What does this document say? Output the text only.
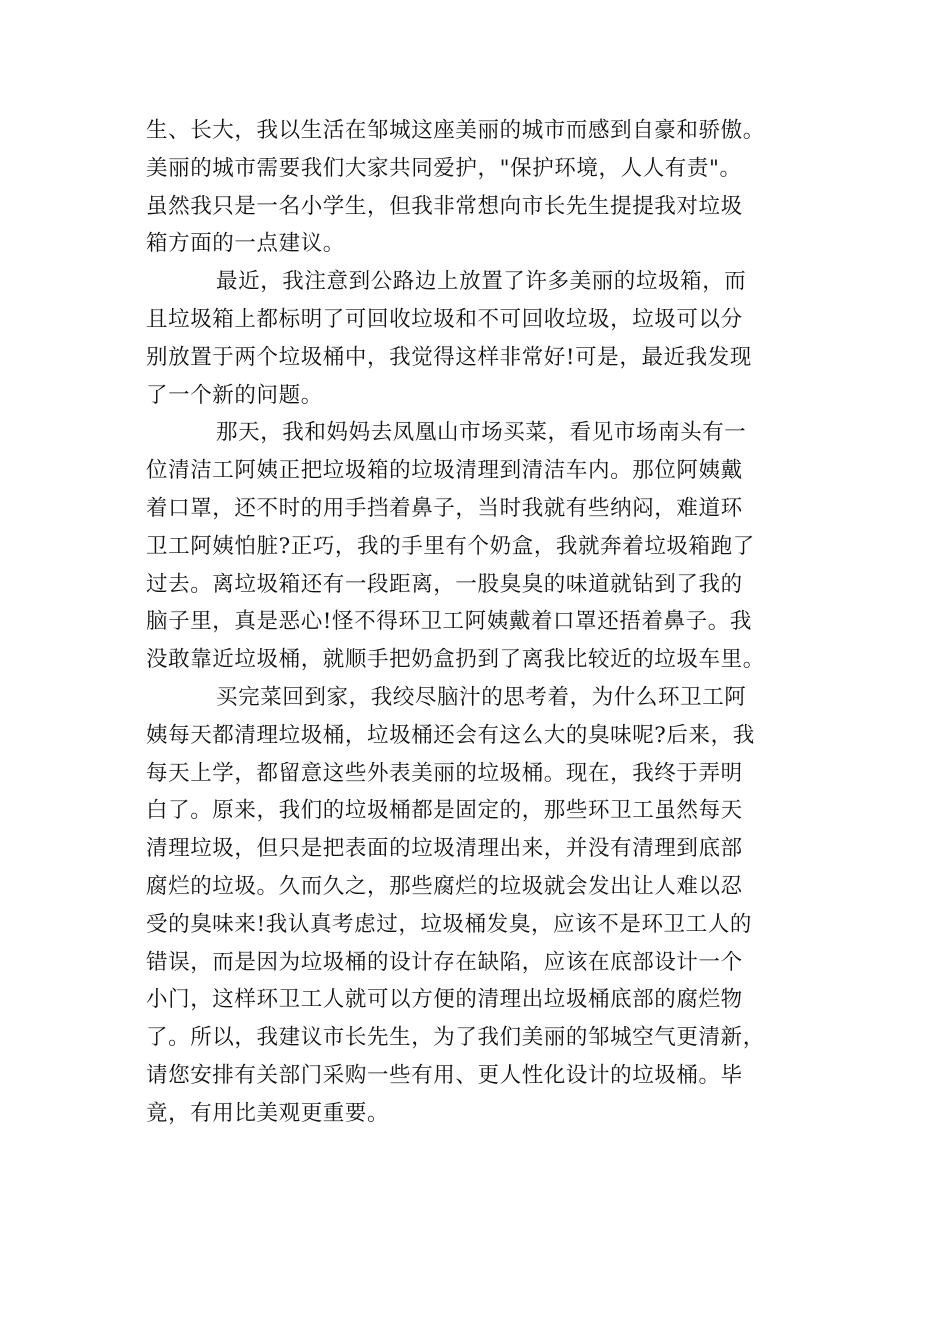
生、长大，我以生活在邹城这座美丽的城市而感到自豪和骄傲。
美丽的城市需要我们大家共同爱护，"保护环境，人人有责"。
虽然我只是一名小学生，但我非常想向市长先生提提我对垃圾
箱方面的一点建议。
最近，我注意到公路边上放置了许多美丽的垃圾箱，而
且垃圾箱上都标明了可回收垃圾和不可回收垃圾，垃圾可以分
别放置于两个垃圾桶中，我觉得这样非常好!可是，最近我发现
了一个新的问题。
那天，我和妈妈去凤凰山市场买菜，看见市场南头有一
位清洁工阿姨正把垃圾箱的垃圾清理到清洁车内。那位阿姨戴
着口罩，还不时的用手挡着鼻子，当时我就有些纳闷，难道环
卫工阿姨怕脏?正巧，我的手里有个奶盒，我就奔着垃圾箱跑了
过去。离垃圾箱还有一段距离，一股臭臭的味道就钻到了我的
脑子里，真是恶心!怪不得环卫工阿姨戴着口罩还捂着鼻子。我
没敢靠近垃圾桶，就顺手把奶盒扔到了离我比较近的垃圾车里。
买完菜回到家，我绞尽脑汁的思考着，为什么环卫工阿
姨每天都清理垃圾桶，垃圾桶还会有这么大的臭味呢?后来，我
每天上学，都留意这些外表美丽的垃圾桶。现在，我终于弄明
白了。原来，我们的垃圾桶都是固定的，那些环卫工虽然每天
清理垃圾，但只是把表面的垃圾清理出来，并没有清理到底部
腐烂的垃圾。久而久之，那些腐烂的垃圾就会发出让人难以忍
受的臭味来!我认真考虑过，垃圾桶发臭，应该不是环卫工人的
错误，而是因为垃圾桶的设计存在缺陷，应该在底部设计一个
小门，这样环卫工人就可以方便的清理出垃圾桶底部的腐烂物
了。所以，我建议市长先生，为了我们美丽的邹城空气更清新，
请您安排有关部门采购一些有用、更人性化设计的垃圾桶。毕
竟，有用比美观更重要。
